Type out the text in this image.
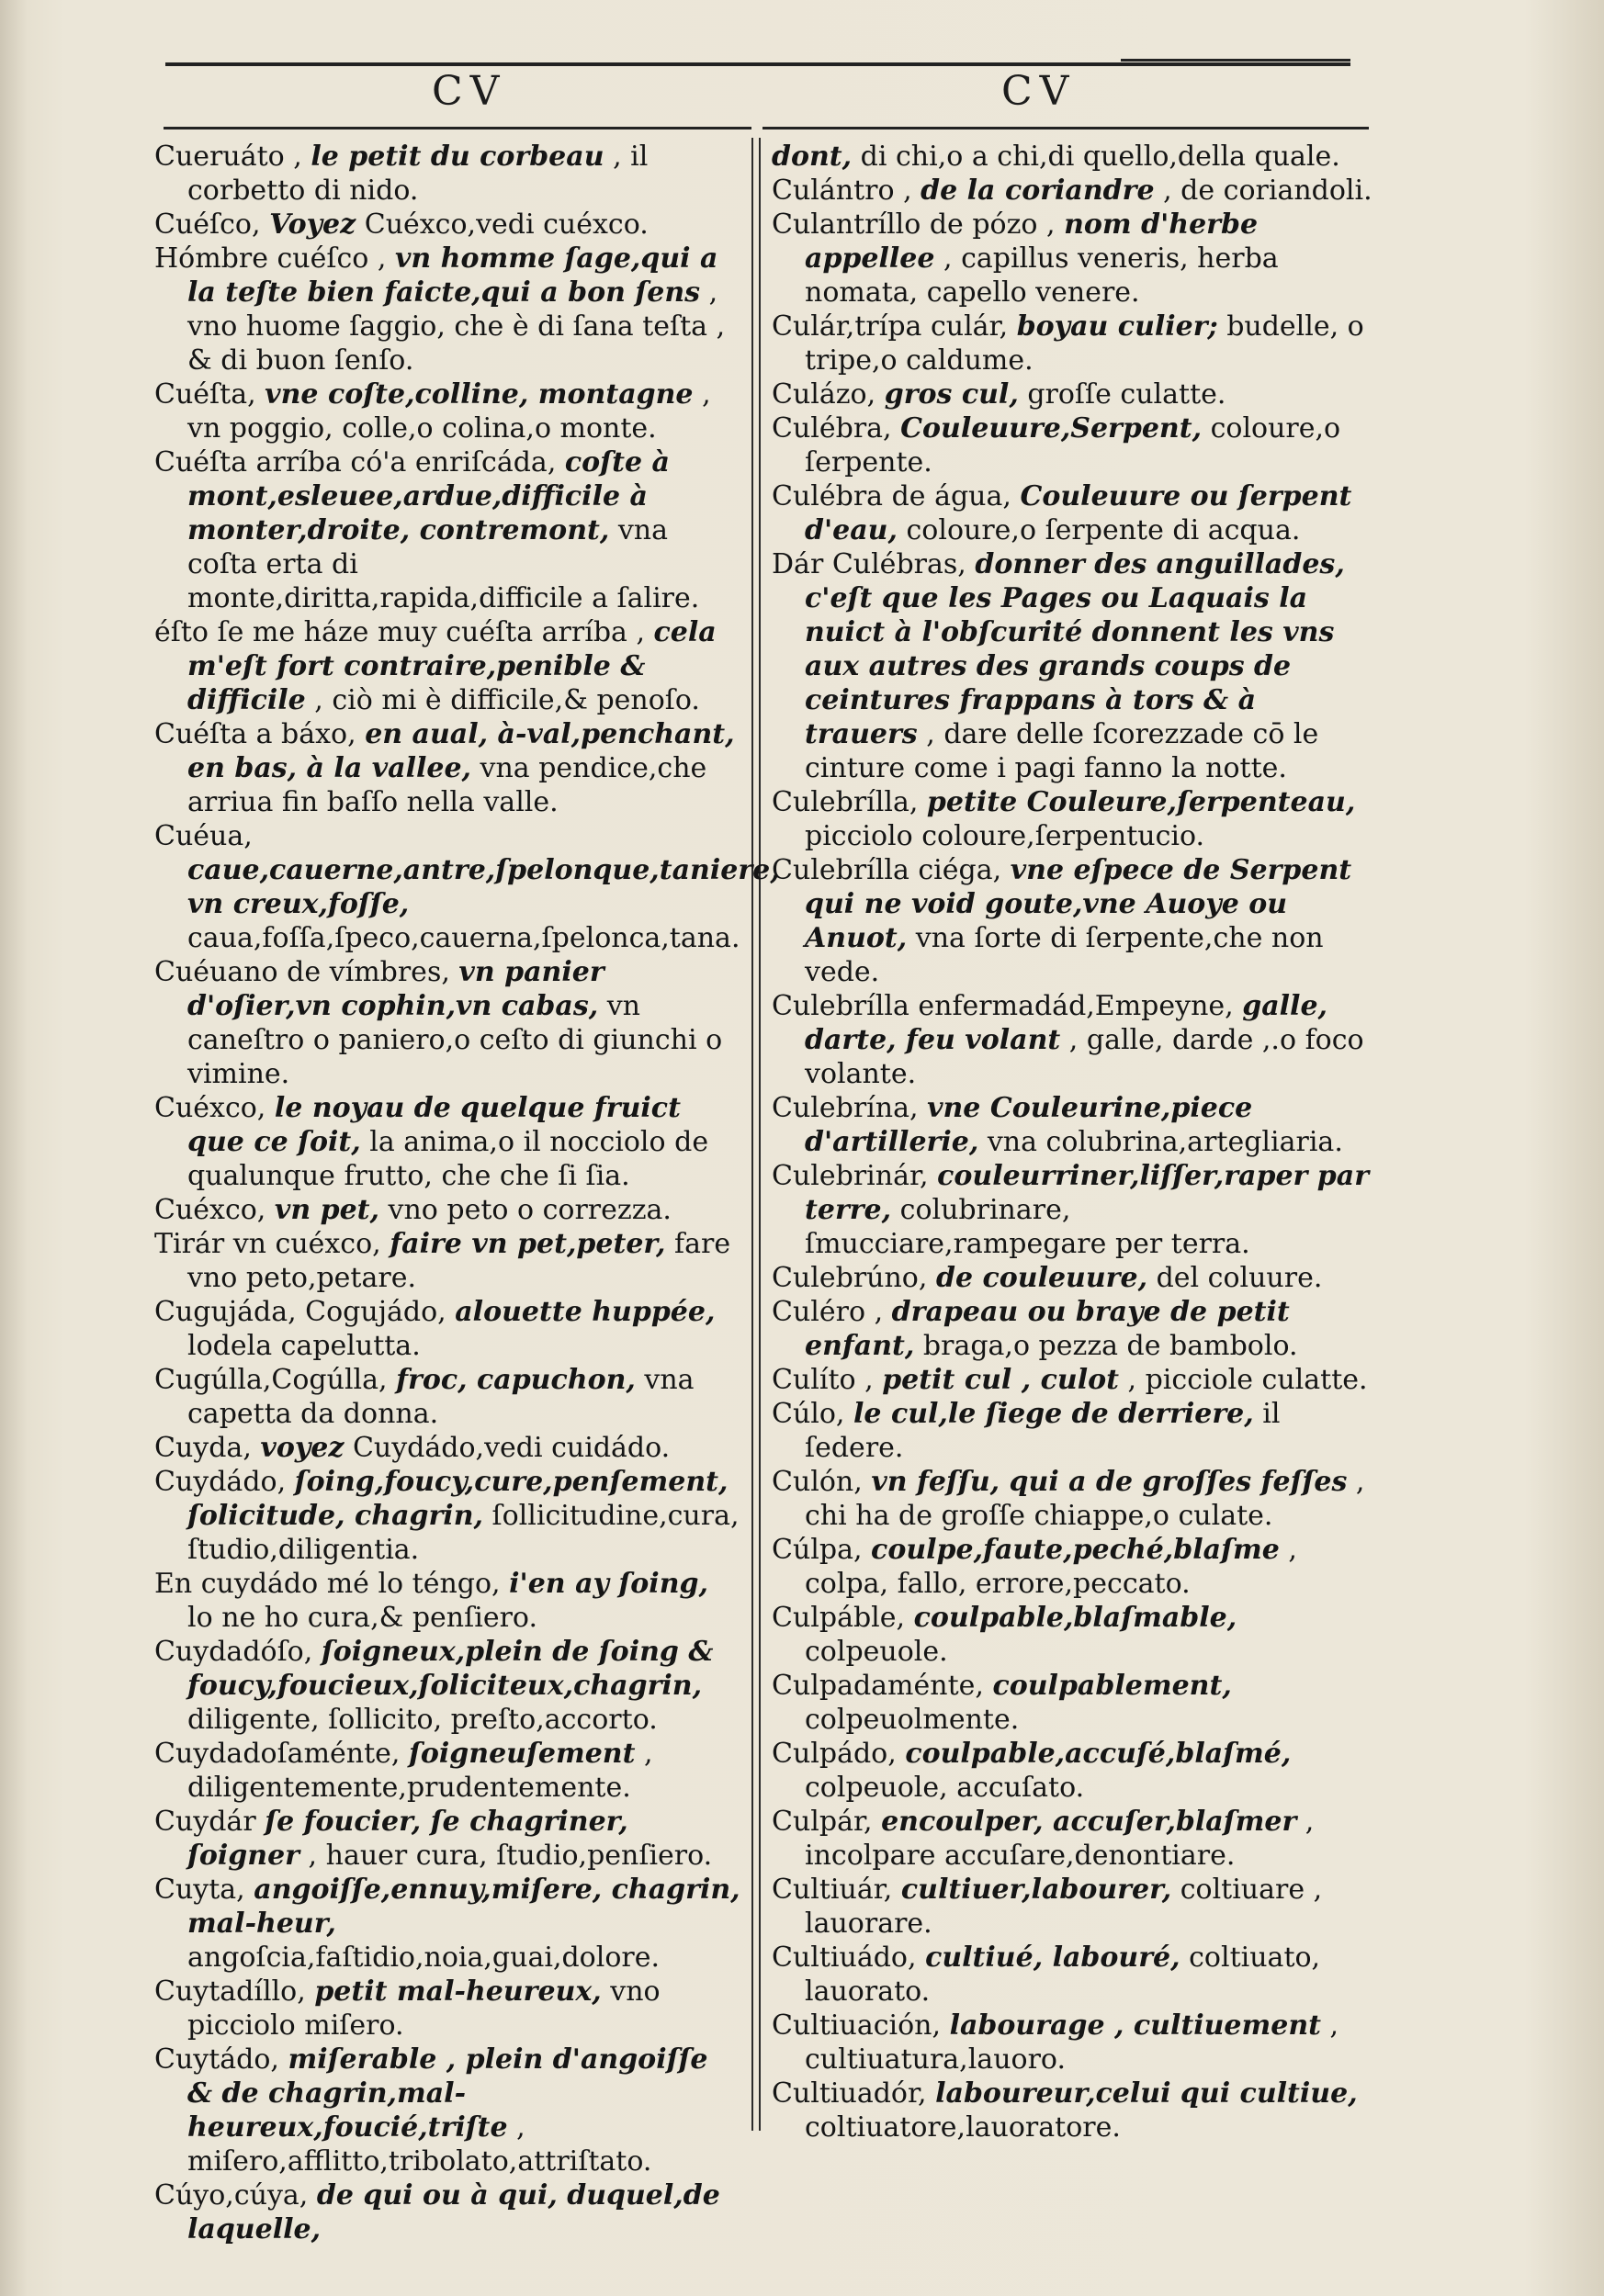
CV	CV

Cueruáto , le petit du corbeau , il corbetto di nido.

Cuéſco, Voyez Cuéxco,vedi cuéxco.

Hómbre cuéſco , vn homme ſage,qui a la teſte bien faicte,qui a bon ſens , vno huome ſaggio, che è di ſana teſta , & di buon ſenſo.

Cuéſta, vne coſte,colline, montagne , vn poggio, colle,o colina,o monte.

Cuéſta arríba có'a enriſcáda, coſte à mont,esleuee,ardue,difficile à monter,droite, contremont, vna coſta erta di monte,diritta,rapida,difficile a ſalire.

éſto ſe me háze muy cuéſta arríba , cela m'eſt fort contraire,penible & difficile , ciò mi è difficile,& penoſo.

Cuéſta a báxo, en aual, à-val,penchant, en bas, à la vallee, vna pendice,che arriua fin baſſo nella valle.

Cuéua, caue,cauerne,antre,ſpelonque,taniere, vn creux,foſſe, caua,foſſa,ſpeco,cauerna,ſpelonca,tana.

Cuéuano de vímbres, vn panier d'oſier,vn cophin,vn cabas, vn caneſtro o paniero,o ceſto di giunchi o vimine.

Cuéxco, le noyau de quelque fruict que ce ſoit, la anima,o il nocciolo de qualunque frutto, che che ſi ſia.

Cuéxco, vn pet, vno peto o correzza.

Tirár vn cuéxco, faire vn pet,peter, fare vno peto,petare.

Cugujáda, Cogujádo, alouette huppée, lodela capelutta.

Cugúlla,Cogúlla, froc, capuchon, vna capetta da donna.

Cuyda, voyez Cuydádo,vedi cuidádo.

Cuydádo, ſoing,foucy,cure,penſement, ſolicitude, chagrin, ſollicitudine,cura, ſtudio,diligentia.

En cuydádo mé lo téngo, i'en ay ſoing, lo ne ho cura,& penſiero.

Cuydadóſo, ſoigneux,plein de ſoing & foucy,foucieux,ſoliciteux,chagrin, diligente, ſollicito, preſto,accorto.

Cuydadoſaménte, ſoigneuſement , diligentemente,prudentemente.

Cuydár ſe foucier, ſe chagriner, ſoigner , hauer cura, ſtudio,penſiero.

Cuyta, angoiſſe,ennuy,miſere, chagrin, mal-heur, angoſcia,faſtidio,noia,guai,dolore.

Cuytadíllo, petit mal-heureux, vno picciolo miſero.

Cuytádo, miſerable , plein d'angoiſſe & de chagrin,mal-heureux,foucié,triſte , miſero,afflitto,tribolato,attriſtato.

Cúyo,cúya, de qui ou à qui, duquel,de laquelle,

dont, di chi,o a chi,di quello,della quale.

Culántro , de la coriandre , de coriandoli.

Culantríllo de pózo , nom d'herbe appellee , capillus veneris, herba nomata, capello venere.

Culár,trípa culár, boyau culier; budelle, o tripe,o caldume.

Culázo, gros cul, groſſe culatte.

Culébra, Couleuure,Serpent, coloure,o ſerpente.

Culébra de água, Couleuure ou ſerpent d'eau, coloure,o ſerpente di acqua.

Dár Culébras, donner des anguillades, c'eſt que les Pages ou Laquais la nuict à l'obſcurité donnent les vns aux autres des grands coups de ceintures frappans à tors & à trauers , dare delle ſcorezzade cō le cinture come i pagi fanno la notte.

Culebrílla, petite Couleure,ſerpenteau, picciolo coloure,ſerpentucio.

Culebrílla ciéga, vne eſpece de Serpent qui ne void goute,vne Auoye ou Anuot, vna ſorte di ſerpente,che non vede.

Culebrílla enfermadád,Empeyne, galle, darte, feu volant , galle, darde ,.o foco volante.

Culebrína, vne Couleurine,piece d'artillerie, vna colubrina,artegliaria.

Culebrinár, couleurriner,liſſer,raper par terre, colubrinare, ſmucciare,rampegare per terra.

Culebrúno, de couleuure, del coluure.

Culéro , drapeau ou braye de petit enfant, braga,o pezza de bambolo.

Culíto , petit cul , culot , picciole culatte.

Cúlo, le cul,le ſiege de derriere, il ſedere.

Culón, vn feſſu, qui a de groſſes feſſes , chi ha de groſſe chiappe,o culate.

Cúlpa, coulpe,faute,peché,blaſme , colpa, fallo, errore,peccato.

Culpáble, coulpable,blaſmable, colpeuole.

Culpadaménte, coulpablement, colpeuolmente.

Culpádo, coulpable,accuſé,blaſmé, colpeuole, accuſato.

Culpár, encoulper, accuſer,blaſmer , incolpare accuſare,denontiare.

Cultiuár, cultiuer,labourer, coltiuare , lauorare.

Cultiuádo, cultiué, labouré, coltiuato, lauorato.

Cultiuación, labourage , cultiuement , cultiuatura,lauoro.

Cultiuadór, laboureur,celui qui cultiue, coltiuatore,lauoratore.
